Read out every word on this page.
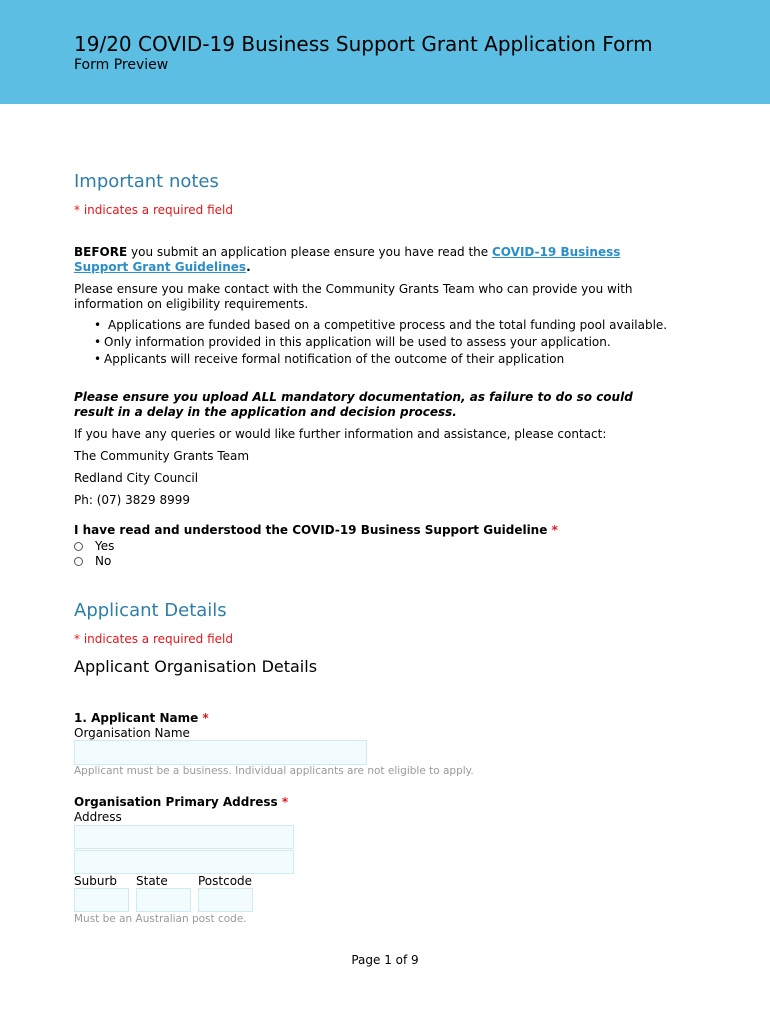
19/20 COVID-19 Business Support Grant Application Form
Form Preview
Important notes
* indicates a required field
BEFORE you submit an application please ensure you have read the COVID-19 Business Support Grant Guidelines.
Please ensure you make contact with the Community Grants Team who can provide you with information on eligibility requirements.
• Applications are funded based on a competitive process and the total funding pool available.
• Only information provided in this application will be used to assess your application.
• Applicants will receive formal notification of the outcome of their application
Please ensure you upload ALL mandatory documentation, as failure to do so could result in a delay in the application and decision process.
If you have any queries or would like further information and assistance, please contact:
The Community Grants Team
Redland City Council
Ph: (07) 3829 8999
I have read and understood the COVID-19 Business Support Guideline *
Yes
No
Applicant Details
* indicates a required field
Applicant Organisation Details
1. Applicant Name *
Organisation Name
Applicant must be a business. Individual applicants are not eligible to apply.
Organisation Primary Address *
Address
Suburb State	Postcode
Must be an Australian post code.
Page 1 of 9
